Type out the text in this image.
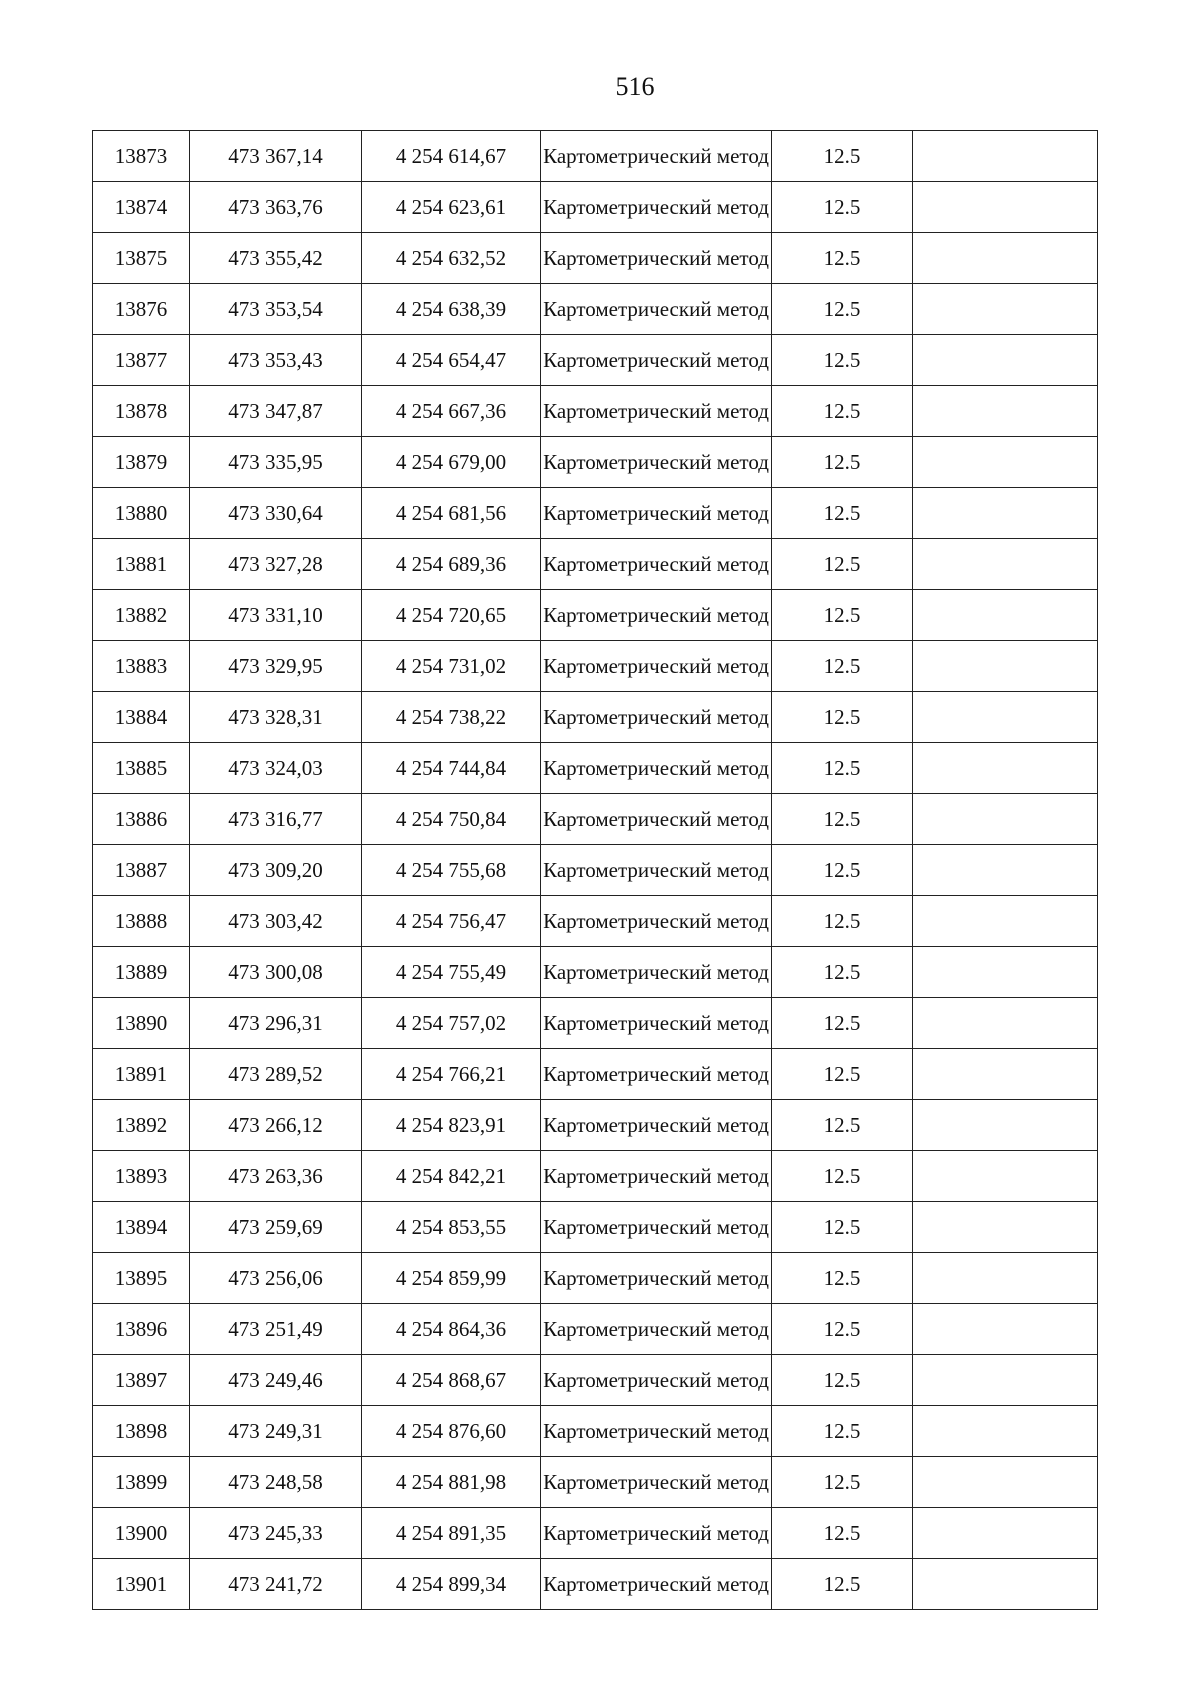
516
13873	473 367,14	4 254 614,67	Картометрический метод	12.5	
13874	473 363,76	4 254 623,61	Картометрический метод	12.5	
13875	473 355,42	4 254 632,52	Картометрический метод	12.5	
13876	473 353,54	4 254 638,39	Картометрический метод	12.5	
13877	473 353,43	4 254 654,47	Картометрический метод	12.5	
13878	473 347,87	4 254 667,36	Картометрический метод	12.5	
13879	473 335,95	4 254 679,00	Картометрический метод	12.5	
13880	473 330,64	4 254 681,56	Картометрический метод	12.5	
13881	473 327,28	4 254 689,36	Картометрический метод	12.5	
13882	473 331,10	4 254 720,65	Картометрический метод	12.5	
13883	473 329,95	4 254 731,02	Картометрический метод	12.5	
13884	473 328,31	4 254 738,22	Картометрический метод	12.5	
13885	473 324,03	4 254 744,84	Картометрический метод	12.5	
13886	473 316,77	4 254 750,84	Картометрический метод	12.5	
13887	473 309,20	4 254 755,68	Картометрический метод	12.5	
13888	473 303,42	4 254 756,47	Картометрический метод	12.5	
13889	473 300,08	4 254 755,49	Картометрический метод	12.5	
13890	473 296,31	4 254 757,02	Картометрический метод	12.5	
13891	473 289,52	4 254 766,21	Картометрический метод	12.5	
13892	473 266,12	4 254 823,91	Картометрический метод	12.5	
13893	473 263,36	4 254 842,21	Картометрический метод	12.5	
13894	473 259,69	4 254 853,55	Картометрический метод	12.5	
13895	473 256,06	4 254 859,99	Картометрический метод	12.5	
13896	473 251,49	4 254 864,36	Картометрический метод	12.5	
13897	473 249,46	4 254 868,67	Картометрический метод	12.5	
13898	473 249,31	4 254 876,60	Картометрический метод	12.5	
13899	473 248,58	4 254 881,98	Картометрический метод	12.5	
13900	473 245,33	4 254 891,35	Картометрический метод	12.5	
13901	473 241,72	4 254 899,34	Картометрический метод	12.5	
